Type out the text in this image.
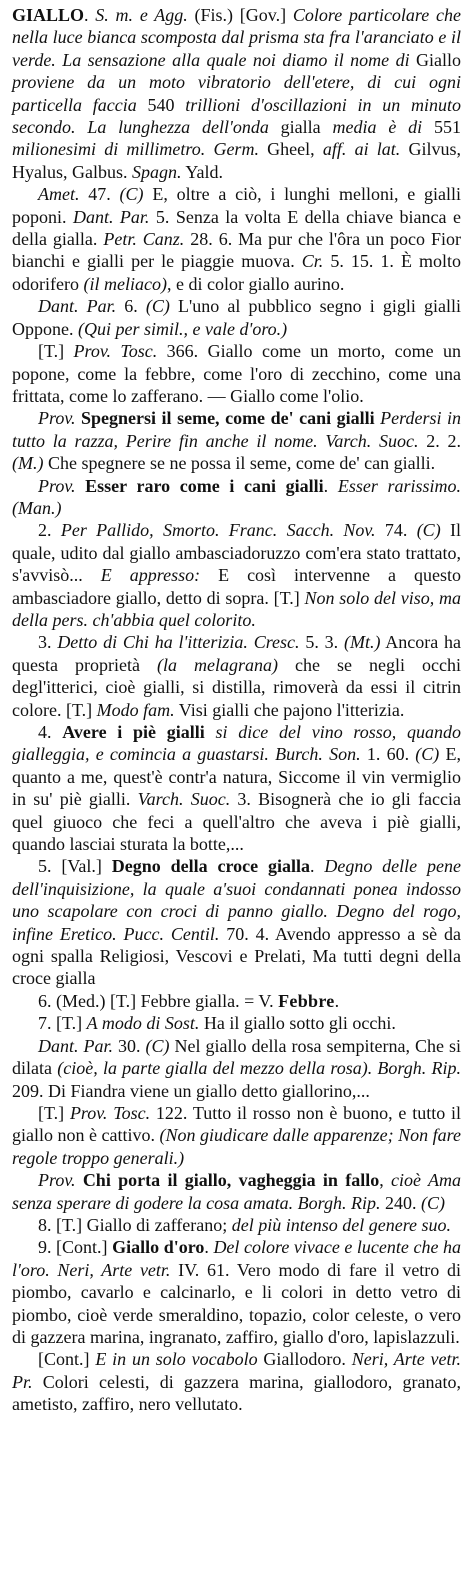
GIALLO. S. m. e Agg. (Fis.) [Gov.] Colore particolare che nella luce bianca scomposta dal prisma sta fra l'aranciato e il verde. La sensazione alla quale noi diamo il nome di Giallo proviene da un moto vibratorio dell'etere, di cui ogni particella faccia 540 trillioni d'oscillazioni in un minuto secondo. La lunghezza dell'onda gialla media è di 551 milionesimi di millimetro. Germ. Gheel, aff. ai lat. Gilvus, Hyalus, Galbus. Spagn. Yald.

Amet. 47. (C) E, oltre a ciò, i lunghi melloni, e gialli poponi. Dant. Par. 5. Senza la volta E della chiave bianca e della gialla. Petr. Canz. 28. 6. Ma pur che l'ôra un poco Fior bianchi e gialli per le piaggie muova. Cr. 5. 15. 1. È molto odorifero (il meliaco), e di color giallo aurino.

Dant. Par. 6. (C) L'uno al pubblico segno i gigli gialli Oppone. (Qui per simil., e vale d'oro.)

[T.] Prov. Tosc. 366. Giallo come un morto, come un popone, come la febbre, come l'oro di zecchino, come una frittata, come lo zafferano. — Giallo come l'olio.

Prov. Spegnersi il seme, come de' cani gialli Perdersi in tutto la razza, Perire fin anche il nome. Varch. Suoc. 2. 2. (M.) Che spegnere se ne possa il seme, come de' can gialli.

Prov. Esser raro come i cani gialli. Esser rarissimo. (Man.)

2. Per Pallido, Smorto. Franc. Sacch. Nov. 74. (C) Il quale, udito dal giallo ambasciadoruzzo com'era stato trattato, s'avvisò... E appresso: E così intervenne a questo ambasciadore giallo, detto di sopra. [T.] Non solo del viso, ma della pers. ch'abbia quel colorito.

3. Detto di Chi ha l'itterizia. Cresc. 5. 3. (Mt.) Ancora ha questa proprietà (la melagrana) che se negli occhi degl'itterici, cioè gialli, si distilla, rimoverà da essi il citrin colore. [T.] Modo fam. Visi gialli che pajono l'itterizia.

4. Avere i piè gialli si dice del vino rosso, quando gialleggia, e comincia a guastarsi. Burch. Son. 1. 60. (C) E, quanto a me, quest'è contr'a natura, Siccome il vin vermiglio in su' piè gialli. Varch. Suoc. 3. Bisognerà che io gli faccia quel giuoco che feci a quell'altro che aveva i piè gialli, quando lasciai sturata la botte,...

5. [Val.] Degno della croce gialla. Degno delle pene dell'inquisizione, la quale a'suoi condannati ponea indosso uno scapolare con croci di panno giallo. Degno del rogo, infine Eretico. Pucc. Centil. 70. 4. Avendo appresso a sè da ogni spalla Religiosi, Vescovi e Prelati, Ma tutti degni della croce gialla

6. (Med.) [T.] Febbre gialla. = V. Febbre.

7. [T.] A modo di Sost. Ha il giallo sotto gli occhi.

Dant. Par. 30. (C) Nel giallo della rosa sempiterna, Che si dilata (cioè, la parte gialla del mezzo della rosa). Borgh. Rip. 209. Di Fiandra viene un giallo detto giallorino,...

[T.] Prov. Tosc. 122. Tutto il rosso non è buono, e tutto il giallo non è cattivo. (Non giudicare dalle apparenze; Non fare regole troppo generali.)

Prov. Chi porta il giallo, vagheggia in fallo, cioè Ama senza sperare di godere la cosa amata. Borgh. Rip. 240. (C)

8. [T.] Giallo di zafferano; del più intenso del genere suo.

9. [Cont.] Giallo d'oro. Del colore vivace e lucente che ha l'oro. Neri, Arte vetr. IV. 61. Vero modo di fare il vetro di piombo, cavarlo e calcinarlo, e li colori in detto vetro di piombo, cioè verde smeraldino, topazio, color celeste, o vero di gazzera marina, ingranato, zaffiro, giallo d'oro, lapislazzuli.

[Cont.] E in un solo vocabolo Giallodoro. Neri, Arte vetr. Pr. Colori celesti, di gazzera marina, giallodoro, granato, ametisto, zaffiro, nero vellutato.
